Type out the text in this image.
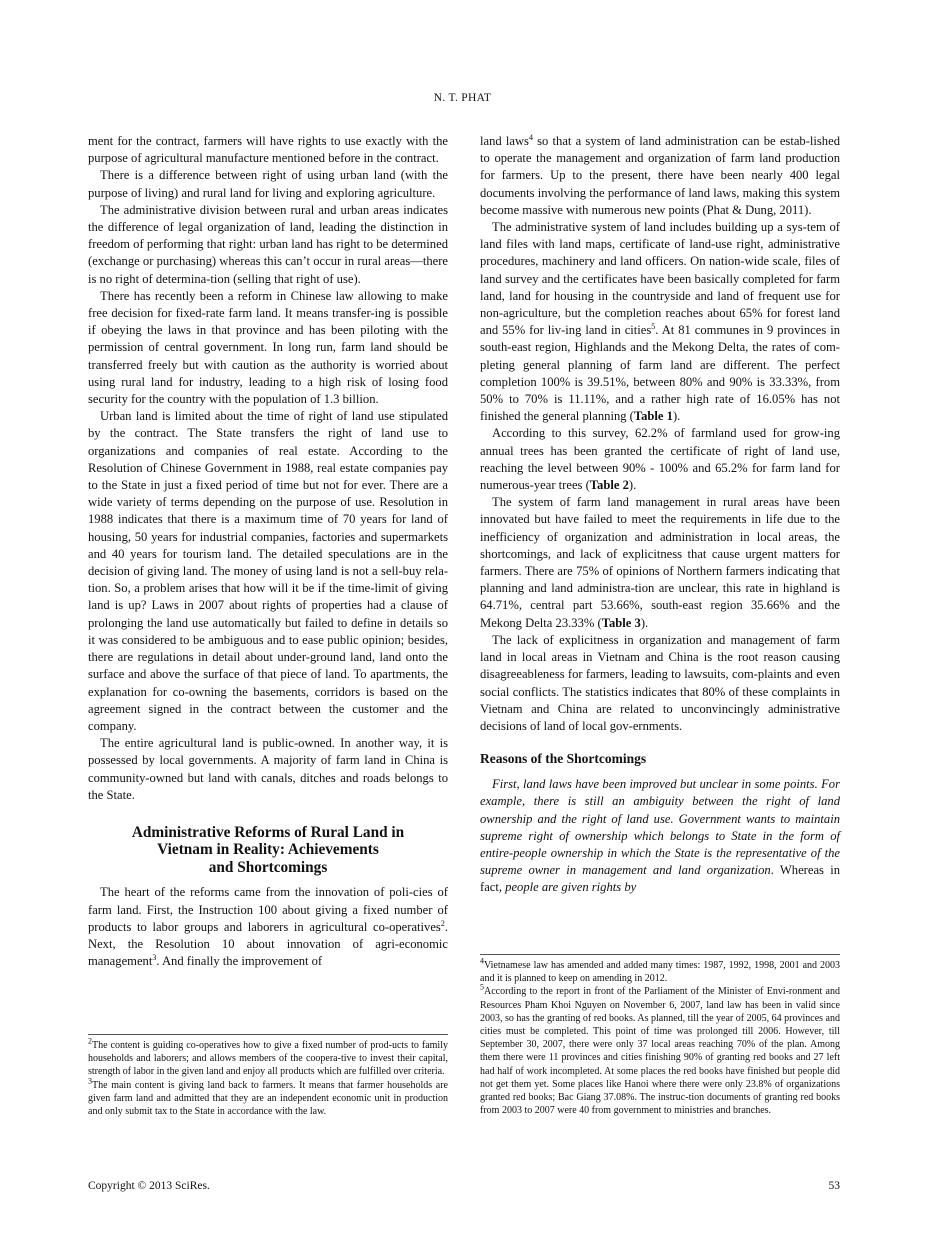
N. T. PHAT

ment for the contract, farmers will have rights to use exactly with the purpose of agricultural manufacture mentioned before in the contract.

There is a difference between right of using urban land (with the purpose of living) and rural land for living and exploring agriculture.

The administrative division between rural and urban areas indicates the difference of legal organization of land, leading the distinction in freedom of performing that right: urban land has right to be determined (exchange or purchasing) whereas this can’t occur in rural areas—there is no right of determina-tion (selling that right of use).

There has recently been a reform in Chinese law allowing to make free decision for fixed-rate farm land. It means transfer-ing is possible if obeying the laws in that province and has been piloting with the permission of central government. In long run, farm land should be transferred freely but with caution as the authority is worried about using rural land for industry, leading to a high risk of losing food security for the country with the population of 1.3 billion.

Urban land is limited about the time of right of land use stipulated by the contract. The State transfers the right of land use to organizations and companies of real estate. According to the Resolution of Chinese Government in 1988, real estate companies pay to the State in just a fixed period of time but not for ever. There are a wide variety of terms depending on the purpose of use. Resolution in 1988 indicates that there is a maximum time of 70 years for land of housing, 50 years for industrial companies, factories and supermarkets and 40 years for tourism land. The detailed speculations are in the decision of giving land. The money of using land is not a sell-buy rela-tion. So, a problem arises that how will it be if the time-limit of giving land is up? Laws in 2007 about rights of properties had a clause of prolonging the land use automatically but failed to define in details so it was considered to be ambiguous and to ease public opinion; besides, there are regulations in detail about under-ground land, land onto the surface and above the surface of that piece of land. To apartments, the explanation for co-owning the basements, corridors is based on the agreement signed in the contract between the customer and the company.

The entire agricultural land is public-owned. In another way, it is possessed by local governments. A majority of farm land in China is community-owned but land with canals, ditches and roads belongs to the State.

Administrative Reforms of Rural Land in
Vietnam in Reality: Achievements
and Shortcomings

The heart of the reforms came from the innovation of poli-cies of farm land. First, the Instruction 100 about giving a fixed number of products to labor groups and laborers in agricultural co-operatives$^2$. Next, the Resolution 10 about innovation of agri-economic management$^3$. And finally the improvement of

$^2$The content is guiding co-operatives how to give a fixed number of prod-ucts to family households and laborers; and allows members of the coopera-tive to invest their capital, strength of labor in the given land and enjoy all products which are fulfilled over criteria.

$^3$The main content is giving land back to farmers. It means that farmer households are given farm land and admitted that they are an independent economic unit in production and only submit tax to the State in accordance with the law.

land laws$^4$ so that a system of land administration can be estab-lished to operate the management and organization of farm land production for farmers. Up to the present, there have been nearly 400 legal documents involving the performance of land laws, making this system become massive with numerous new points (Phat & Dung, 2011).

The administrative system of land includes building up a sys-tem of land files with land maps, certificate of land-use right, administrative procedures, machinery and land officers. On nation-wide scale, files of land survey and the certificates have been basically completed for farm land, land for housing in the countryside and land of frequent use for non-agriculture, but the completion reaches about 65% for forest land and 55% for liv-ing land in cities$^5$. At 81 communes in 9 provinces in south-east region, Highlands and the Mekong Delta, the rates of com-pleting general planning of farm land are different. The perfect completion 100% is 39.51%, between 80% and 90% is 33.33%, from 50% to 70% is 11.11%, and a rather high rate of 16.05% has not finished the general planning (Table 1).

According to this survey, 62.2% of farmland used for grow-ing annual trees has been granted the certificate of right of land use, reaching the level between 90% - 100% and 65.2% for farm land for numerous-year trees (Table 2).

The system of farm land management in rural areas have been innovated but have failed to meet the requirements in life due to the inefficiency of organization and administration in local areas, the shortcomings, and lack of explicitness that cause urgent matters for farmers. There are 75% of opinions of Northern farmers indicating that planning and land administra-tion are unclear, this rate in highland is 64.71%, central part 53.66%, south-east region 35.66% and the Mekong Delta 23.33% (Table 3).

The lack of explicitness in organization and management of farm land in local areas in Vietnam and China is the root reason causing disagreeableness for farmers, leading to lawsuits, com-plaints and even social conflicts. The statistics indicates that 80% of these complaints in Vietnam and China are related to unconvincingly administrative decisions of land of local gov-ernments.

Reasons of the Shortcomings

First, land laws have been improved but unclear in some points. For example, there is still an ambiguity between the right of land ownership and the right of land use. Government wants to maintain supreme right of ownership which belongs to State in the form of entire-people ownership in which the State is the representative of the supreme owner in management and land organization. Whereas in fact, people are given rights by

$^4$Vietnamese law has amended and added many times: 1987, 1992, 1998, 2001 and 2003 and it is planned to keep on amending in 2012.

$^5$According to the report in front of the Parliament of the Minister of Envi-ronment and Resources Pham Khoi Nguyen on November 6, 2007, land law has been in valid since 2003, so has the granting of red books. As planned, till the year of 2005, 64 provinces and cities must be completed. This point of time was prolonged till 2006. However, till September 30, 2007, there were only 37 local areas reaching 70% of the plan. Among them there were 11 provinces and cities finishing 90% of granting red books and 27 left had half of work incompleted. At some places the red books have finished but people did not get them yet. Some places like Hanoi where there were only 23.8% of organizations granted red books; Bac Giang 37.08%. The instruc-tion documents of granting red books from 2003 to 2007 were 40 from government to ministries and branches.

Copyright © 2013 SciRes.	53
